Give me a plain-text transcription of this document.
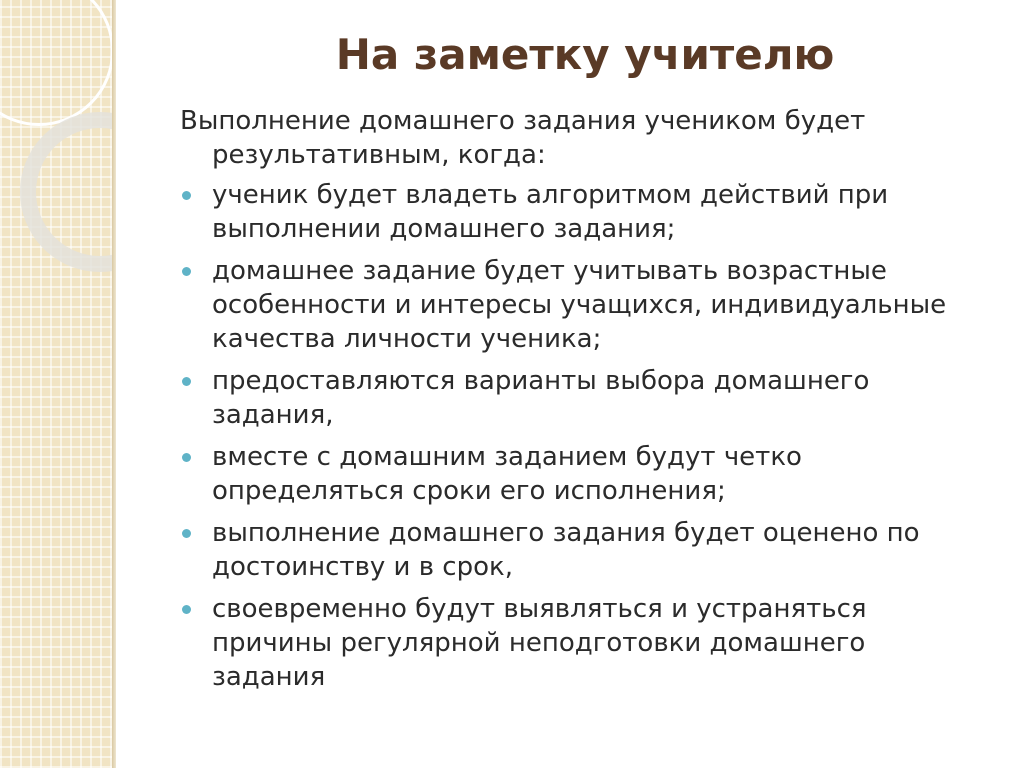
На заметку учителю

Выполнение домашнего задания учеником будет результативным, когда:

ученик будет владеть алгоритмом действий при выполнении домашнего задания;
домашнее задание будет учитывать возрастные особенности и интересы учащихся, индивидуальные качества личности ученика;
предоставляются варианты выбора домашнего задания,
вместе с домашним заданием будут четко определяться сроки его исполнения;
выполнение домашнего задания будет оценено по достоинству и в срок,
своевременно будут выявляться и устраняться причины регулярной неподготовки домашнего задания
